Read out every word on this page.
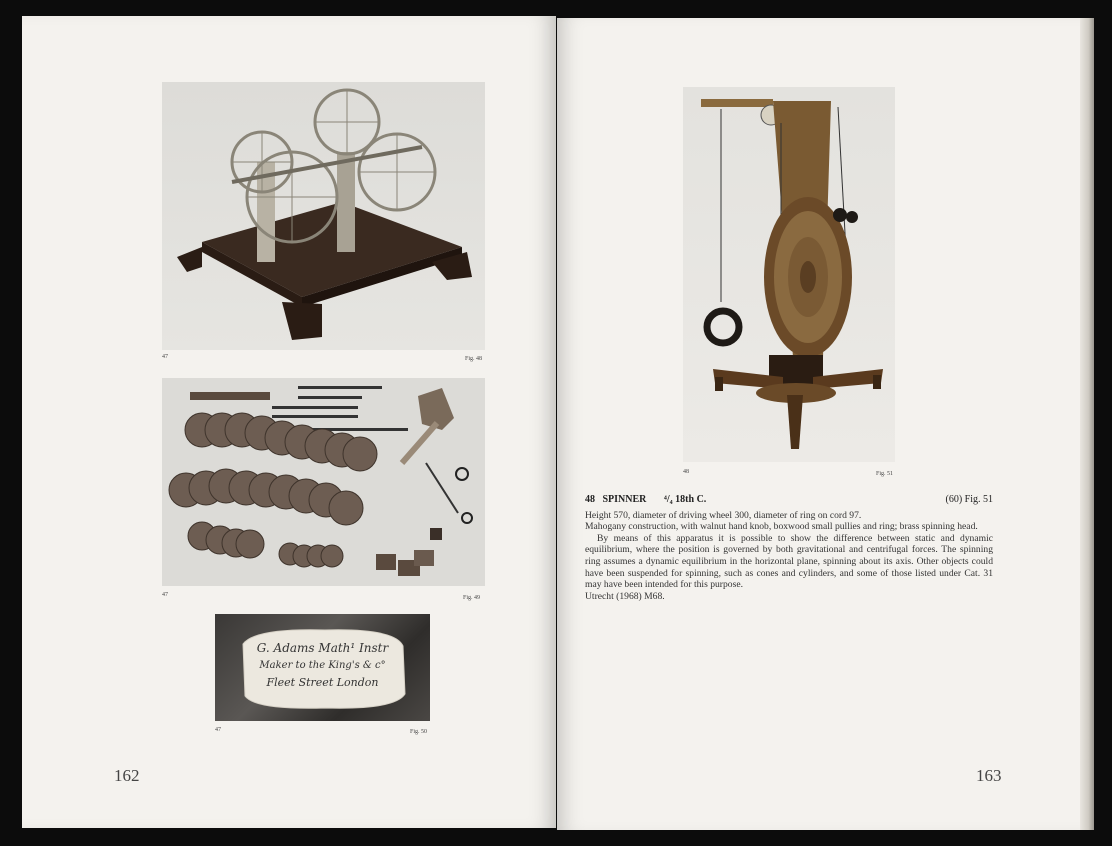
47	Fig. 48
47	Fig. 49
G. Adams Math¹ Instr
Maker to the King's & c°
Fleet Street London
47	Fig. 50
162
48	Fig. 51
48 SPINNER ⁴/₄ 18th C.	(60) Fig. 51

Height 570, diameter of driving wheel 300, diameter of ring on cord 97.

Mahogany construction, with walnut hand knob, boxwood small pullies and ring; brass spinning head.

By means of this apparatus it is possible to show the difference between static and dynamic equilibrium, where the position is governed by both gravitational and centrifugal forces. The spinning ring assumes a dynamic equilibrium in the horizontal plane, spinning about its axis. Other objects could have been suspended for spinning, such as cones and cylinders, and some of those listed under Cat. 31 may have been intended for this purpose.

Utrecht (1968) M68.

163
